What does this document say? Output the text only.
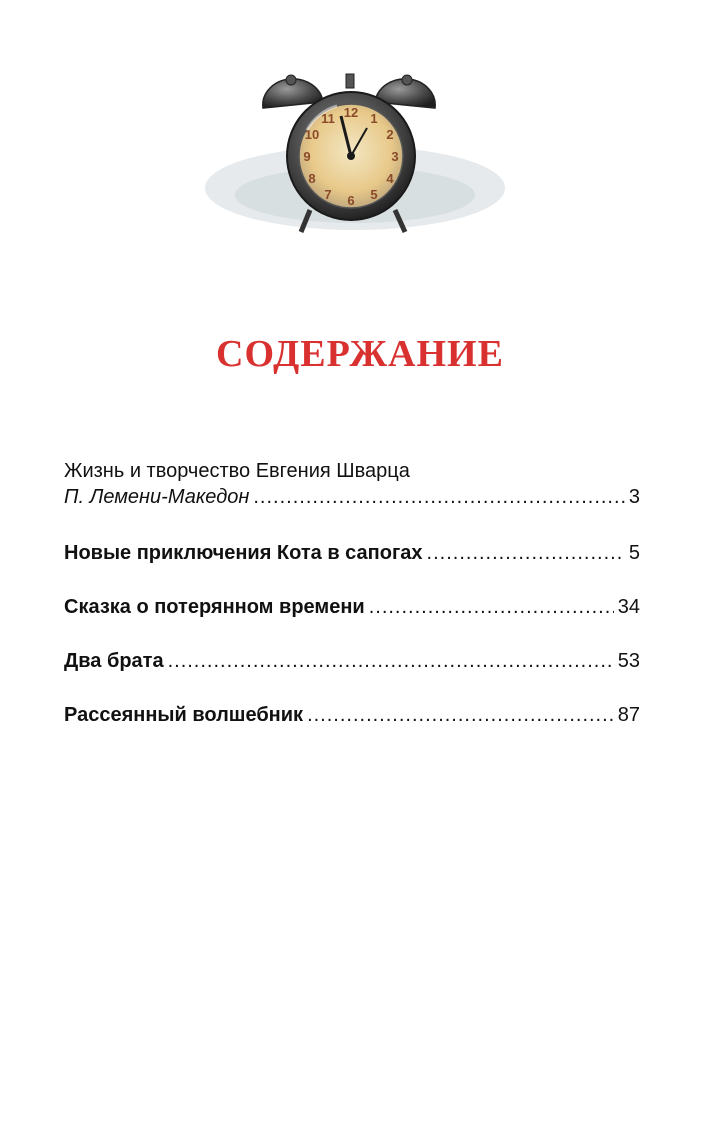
12 1
2
3
4
5
6
7
8
9
10
11
СОДЕРЖАНИЕ
Жизнь и творчество Евгения Шварца
П. Лемени-Македон .....	3
Новые приключения Кота в сапогах .....	5
Сказка о потерянном времени .....	34
Два брата .....	53
Рассеянный волшебник .....	87
